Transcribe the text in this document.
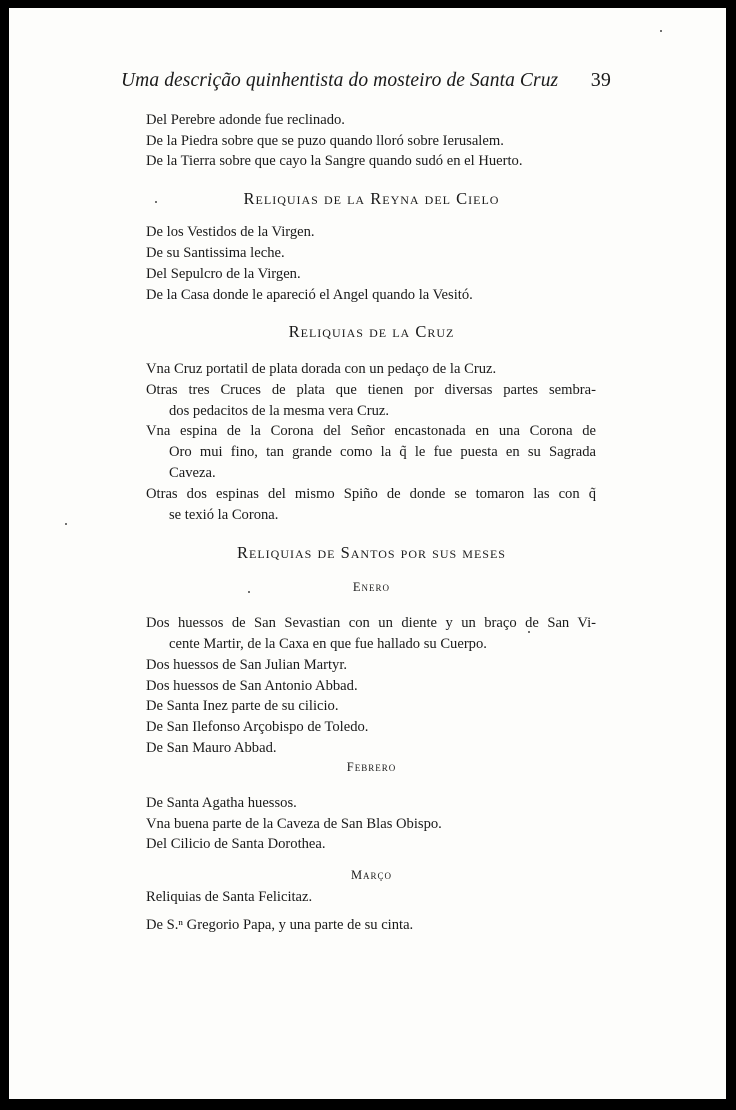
Uma descrição quinhentista do mosteiro de Santa Cruz 39
Del Perebre adonde fue reclinado.
De la Piedra sobre que se puzo quando lloró sobre Ierusalem.
De la Tierra sobre que cayo la Sangre quando sudó en el Huerto.
Reliquias de la Reyna del Cielo
De los Vestidos de la Virgen.
De su Santissima leche.
Del Sepulcro de la Virgen.
De la Casa donde le apareció el Angel quando la Vesitó.
Reliquias de la Cruz
Vna Cruz portatil de plata dorada con un pedaço de la Cruz.
Otras tres Cruces de plata que tienen por diversas partes sembra-
dos pedacitos de la mesma vera Cruz.
Vna espina de la Corona del Señor encastonada en una Corona de
Oro mui fino, tan grande como la q̃ le fue puesta en su Sagrada
Caveza.
Otras dos espinas del mismo Spiño de donde se tomaron las con q̃
se texió la Corona.
Reliquias de Santos por sus meses
Enero
Dos huessos de San Sevastian con un diente y un braço de San Vi-
cente Martir, de la Caxa en que fue hallado su Cuerpo.
Dos huessos de San Julian Martyr.
Dos huessos de San Antonio Abbad.
De Santa Inez parte de su cilicio.
De San Ilefonso Arçobispo de Toledo.
De San Mauro Abbad.
Febrero
De Santa Agatha huessos.
Vna buena parte de la Caveza de San Blas Obispo.
Del Cilicio de Santa Dorothea.
Março
Reliquias de Santa Felicitaz.
De S.ⁿ Gregorio Papa, y una parte de su cinta.
